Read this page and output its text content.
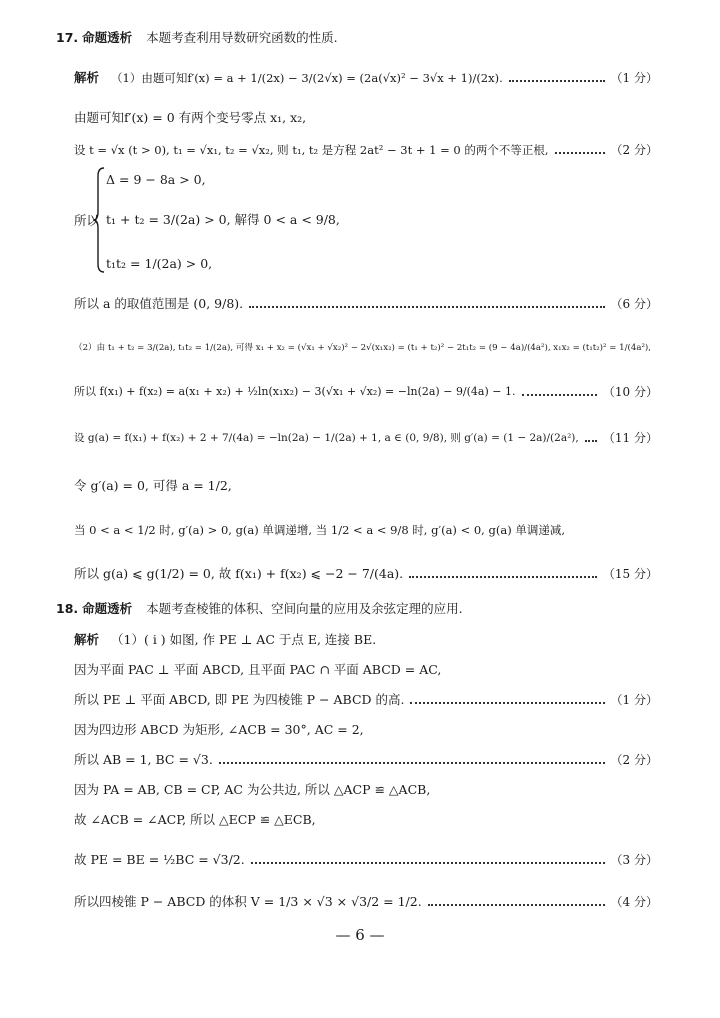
17. 命题透析 本题考查利用导数研究函数的性质.
解析 （1）由题可知f′(x) = a + 1/(2x) − 3/(2√x) = (2a(√x)² − 3√x + 1)/(2x).	（1 分）
由题可知f′(x) = 0 有两个变号零点 x₁, x₂,
设 t = √x (t > 0), t₁ = √x₁, t₂ = √x₂, 则 t₁, t₂ 是方程 2at² − 3t + 1 = 0 的两个不等正根,	（2 分）
所以
Δ = 9 − 8a > 0,
t₁ + t₂ = 3/(2a) > 0, 解得 0 < a < 9/8,
t₁t₂ = 1/(2a) > 0,
所以 a 的取值范围是 (0, 9/8).	（6 分）
（2）由 t₁ + t₂ = 3/(2a), t₁t₂ = 1/(2a), 可得 x₁ + x₂ = (√x₁ + √x₂)² − 2√(x₁x₂) = (t₁ + t₂)² − 2t₁t₂ = (9 − 4a)/(4a²), x₁x₂ = (t₁t₂)² = 1/(4a²),
所以 f(x₁) + f(x₂) = a(x₁ + x₂) + ½ln(x₁x₂) − 3(√x₁ + √x₂) = −ln(2a) − 9/(4a) − 1.	（10 分）
设 g(a) = f(x₁) + f(x₂) + 2 + 7/(4a) = −ln(2a) − 1/(2a) + 1, a ∈ (0, 9/8), 则 g′(a) = (1 − 2a)/(2a²), （11 分）
令 g′(a) = 0, 可得 a = 1/2,
当 0 < a < 1/2 时, g′(a) > 0, g(a) 单调递增, 当 1/2 < a < 9/8 时, g′(a) < 0, g(a) 单调递减,
所以 g(a) ⩽ g(1/2) = 0, 故 f(x₁) + f(x₂) ⩽ −2 − 7/(4a).	（15 分）
18. 命题透析 本题考查棱锥的体积、空间向量的应用及余弦定理的应用.
解析 （1）( ⅰ ) 如图, 作 PE ⊥ AC 于点 E, 连接 BE.
因为平面 PAC ⊥ 平面 ABCD, 且平面 PAC ∩ 平面 ABCD = AC,
所以 PE ⊥ 平面 ABCD, 即 PE 为四棱锥 P − ABCD 的高.	（1 分）
因为四边形 ABCD 为矩形, ∠ACB = 30°, AC = 2,
所以 AB = 1, BC = √3.	（2 分）
因为 PA = AB, CB = CP, AC 为公共边, 所以 △ACP ≌ △ACB,
故 ∠ACB = ∠ACP, 所以 △ECP ≌ △ECB,
故 PE = BE = ½BC = √3/2.	（3 分）
所以四棱锥 P − ABCD 的体积 V = 1/3 × √3 × √3/2 = 1/2.	（4 分）
— 6 —
